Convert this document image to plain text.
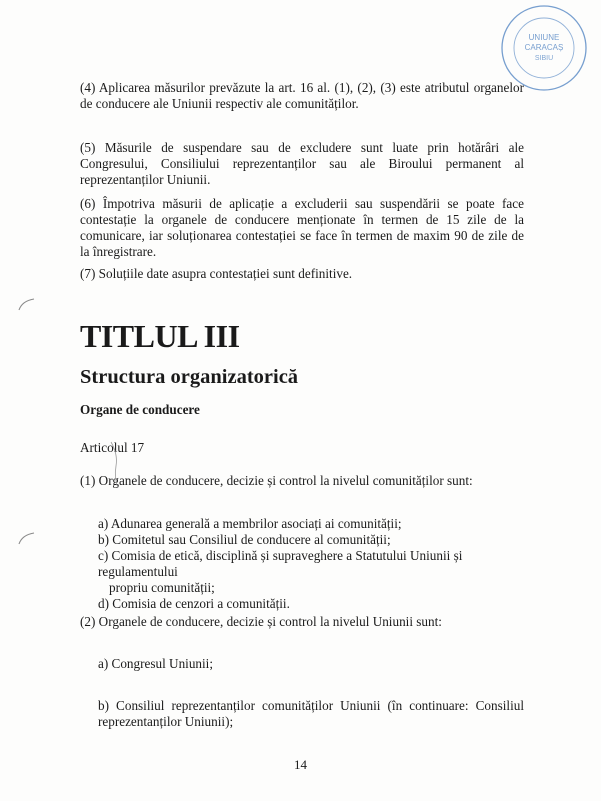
UNIUNE
CARACAȘ
SIBIU

(4) Aplicarea măsurilor prevăzute la art. 16 al. (1), (2), (3) este atributul organelor de conducere ale Uniunii respectiv ale comunităților.

(5) Măsurile de suspendare sau de excludere sunt luate prin hotărâri ale Congresului, Consiliului reprezentanților sau ale Biroului permanent al reprezentanților Uniunii.

(6) Împotriva măsurii de aplicație a excluderii sau suspendării se poate face contestație la organele de conducere menționate în termen de 15 zile de la comunicare, iar soluționarea contestației se face în termen de maxim 90 de zile de la înregistrare.

(7) Soluțiile date asupra contestației sunt definitive.

TITLUL III
Structura organizatorică
Organe de conducere

Articolul 17

(1) Organele de conducere, decizie și control la nivelul comunităților sunt:

a) Adunarea generală a membrilor asociați ai comunității;
b) Comitetul sau Consiliul de conducere al comunității;
c) Comisia de etică, disciplină și supraveghere a Statutului Uniunii și regulamentului
propriu comunității;
d) Comisia de cenzori a comunității.

(2) Organele de conducere, decizie și control la nivelul Uniunii sunt:

a) Congresul Uniunii;

b) Consiliul reprezentanților comunităților Uniunii (în continuare: Consiliul reprezentanților Uniunii);

14
